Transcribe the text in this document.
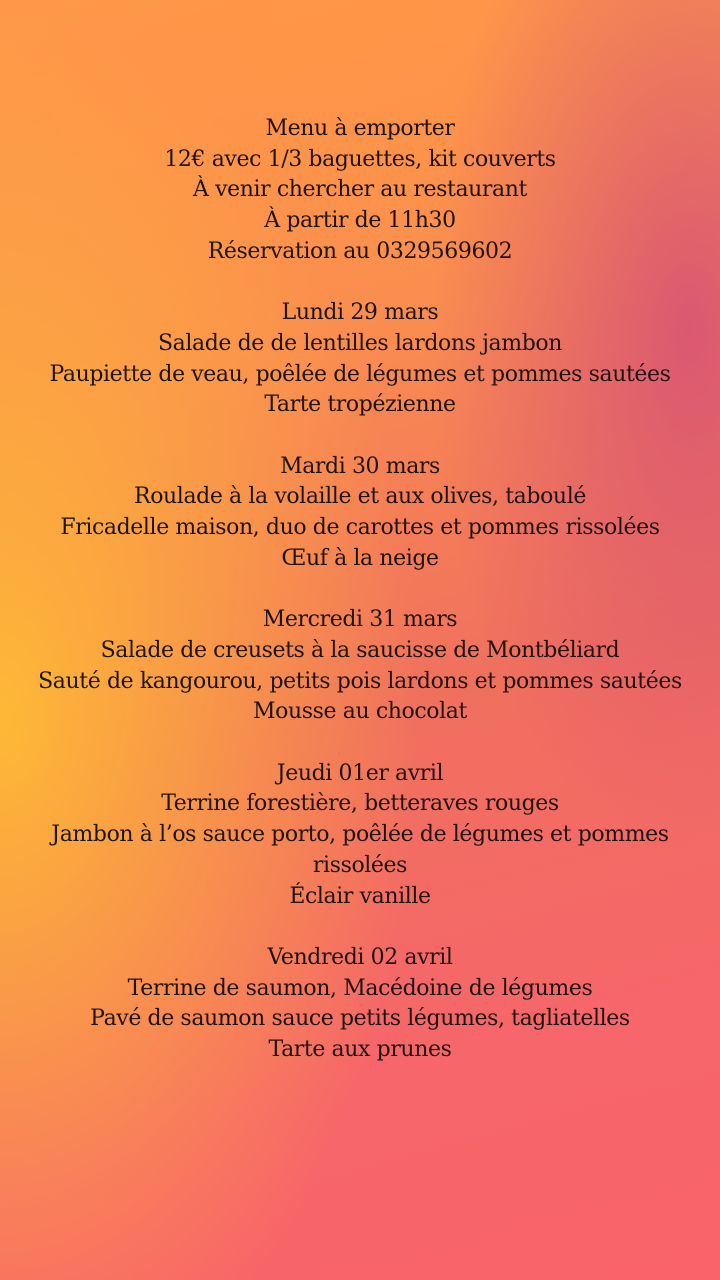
Menu à emporter
12€ avec 1/3 baguettes, kit couverts
À venir chercher au restaurant
À partir de 11h30
Réservation au 0329569602
Lundi 29 mars
Salade de de lentilles lardons jambon
Paupiette de veau, poêlée de légumes et pommes sautées
Tarte tropézienne
Mardi 30 mars
Roulade à la volaille et aux olives, taboulé
Fricadelle maison, duo de carottes et pommes rissolées
Œuf à la neige
Mercredi 31 mars
Salade de creusets à la saucisse de Montbéliard
Sauté de kangourou, petits pois lardons et pommes sautées
Mousse au chocolat
Jeudi 01er avril
Terrine forestière, betteraves rouges
Jambon à l’os sauce porto, poêlée de légumes et pommes rissolées
Éclair vanille
Vendredi 02 avril
Terrine de saumon, Macédoine de légumes
Pavé de saumon sauce petits légumes, tagliatelles
Tarte aux prunes
